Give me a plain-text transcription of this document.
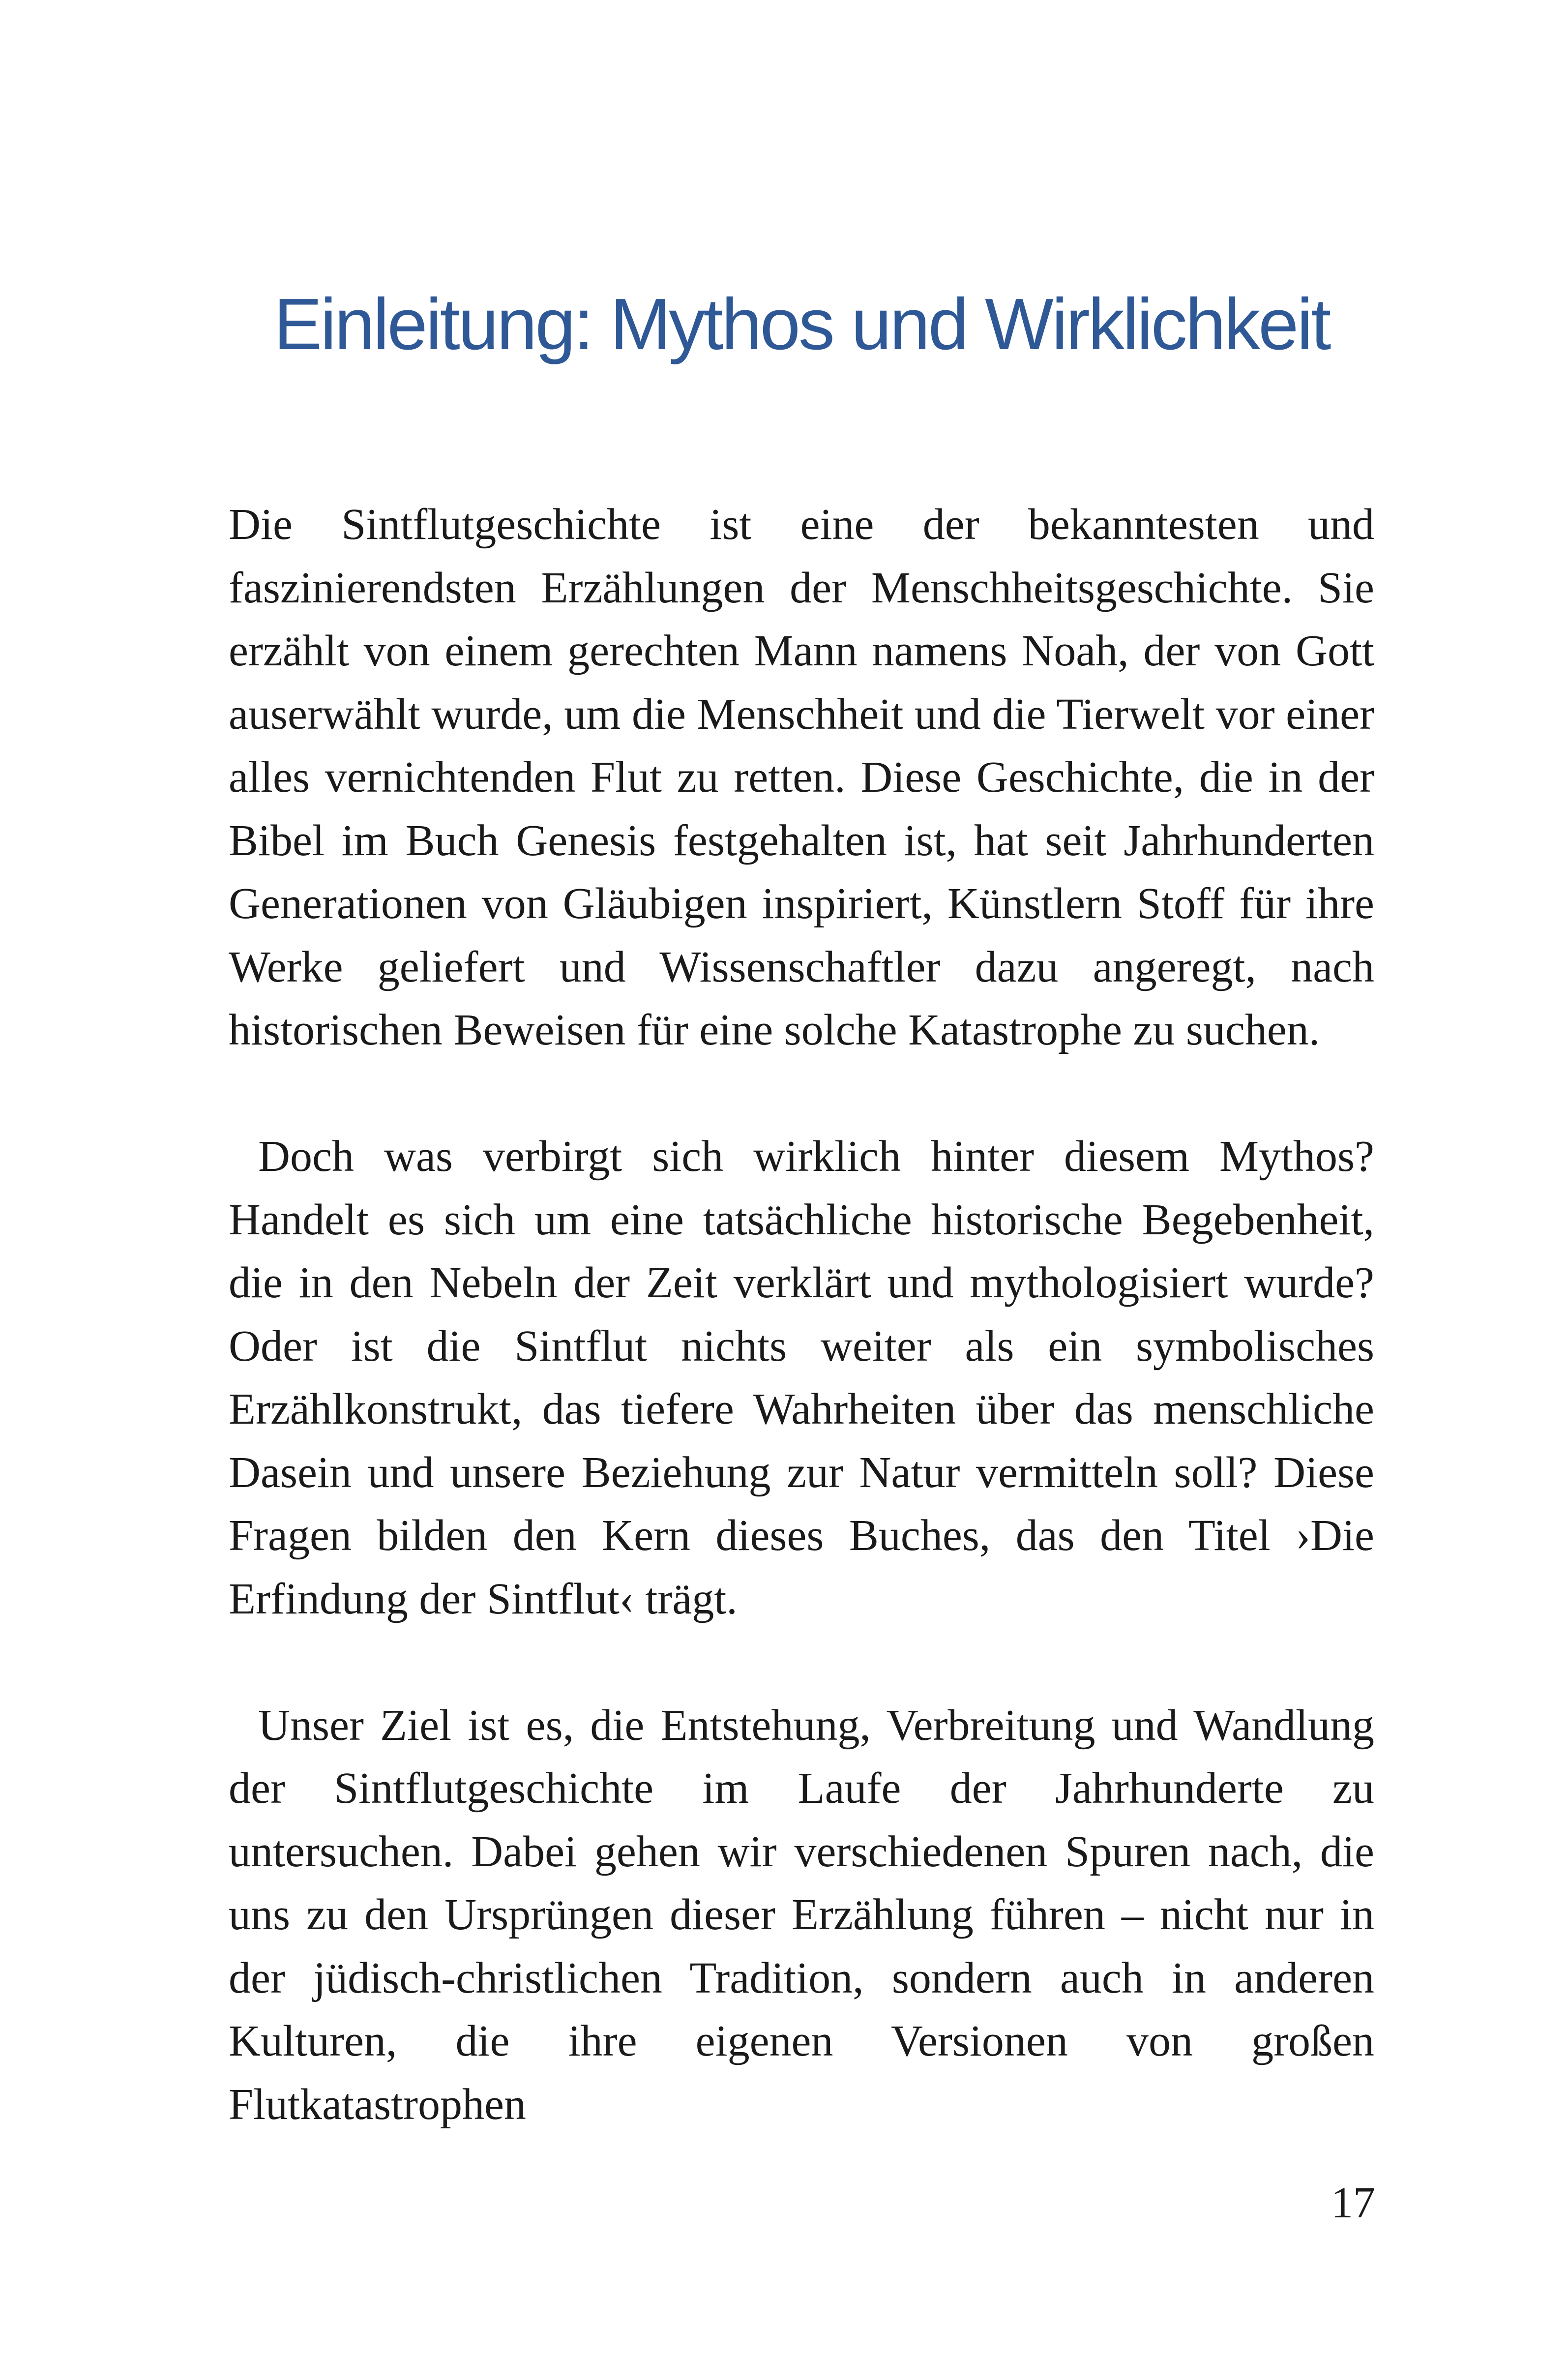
Einleitung: Mythos und Wirklichkeit

Die Sintflutgeschichte ist eine der bekanntesten und faszinierendsten Erzählungen der Menschheitsgeschichte. Sie erzählt von einem gerechten Mann namens Noah, der von Gott auserwählt wurde, um die Menschheit und die Tierwelt vor einer alles vernichtenden Flut zu retten. Diese Geschichte, die in der Bibel im Buch Genesis festgehalten ist, hat seit Jahrhunderten Generationen von Gläubigen inspiriert, Künstlern Stoff für ihre Werke geliefert und Wissenschaftler dazu angeregt, nach historischen Beweisen für eine solche Katastrophe zu suchen.

Doch was verbirgt sich wirklich hinter diesem Mythos? Handelt es sich um eine tatsächliche historische Begebenheit, die in den Nebeln der Zeit verklärt und mythologisiert wurde? Oder ist die Sintflut nichts weiter als ein symbolisches Erzählkonstrukt, das tiefere Wahrheiten über das menschliche Dasein und unsere Beziehung zur Natur vermitteln soll? Diese Fragen bilden den Kern dieses Buches, das den Titel ›Die Erfindung der Sintflut‹ trägt.

Unser Ziel ist es, die Entstehung, Verbreitung und Wandlung der Sintflutgeschichte im Laufe der Jahrhunderte zu untersuchen. Dabei gehen wir verschiedenen Spuren nach, die uns zu den Ursprüngen dieser Erzählung führen – nicht nur in der jüdisch-christlichen Tradition, sondern auch in anderen Kulturen, die ihre eigenen Versionen von großen Flutkatastrophen

17
